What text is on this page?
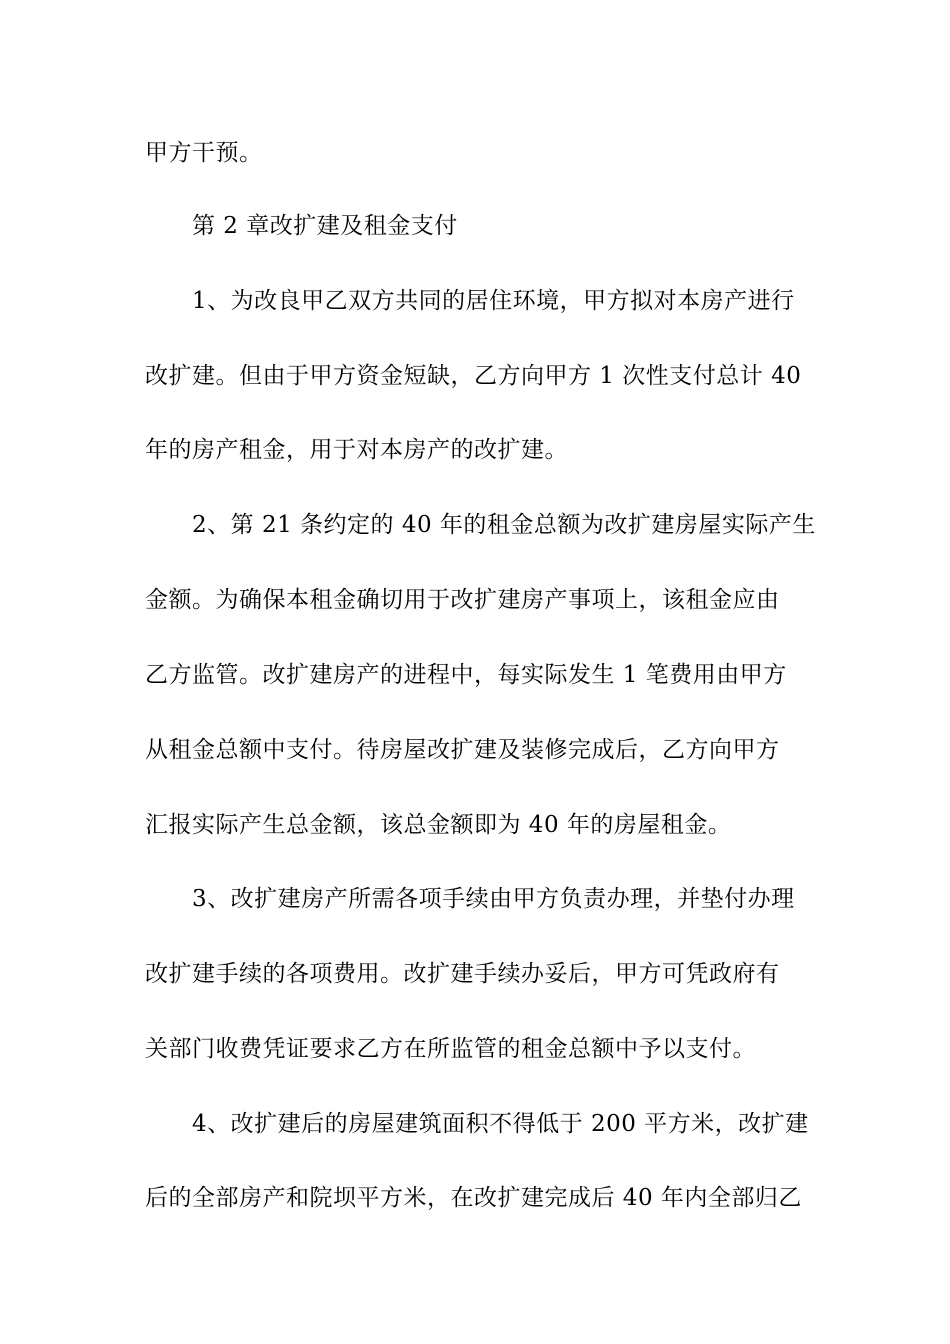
甲方干预。
第 2 章改扩建及租金支付
1、为改良甲乙双方共同的居住环境，甲方拟对本房产进行
改扩建。但由于甲方资金短缺，乙方向甲方 1 次性支付总计 40
年的房产租金，用于对本房产的改扩建。
2、第 21 条约定的 40 年的租金总额为改扩建房屋实际产生
金额。为确保本租金确切用于改扩建房产事项上，该租金应由
乙方监管。改扩建房产的进程中，每实际发生 1 笔费用由甲方
从租金总额中支付。待房屋改扩建及装修完成后，乙方向甲方
汇报实际产生总金额，该总金额即为 40 年的房屋租金。
3、改扩建房产所需各项手续由甲方负责办理，并垫付办理
改扩建手续的各项费用。改扩建手续办妥后，甲方可凭政府有
关部门收费凭证要求乙方在所监管的租金总额中予以支付。
4、改扩建后的房屋建筑面积不得低于 200 平方米，改扩建
后的全部房产和院坝平方米，在改扩建完成后 40 年内全部归乙
